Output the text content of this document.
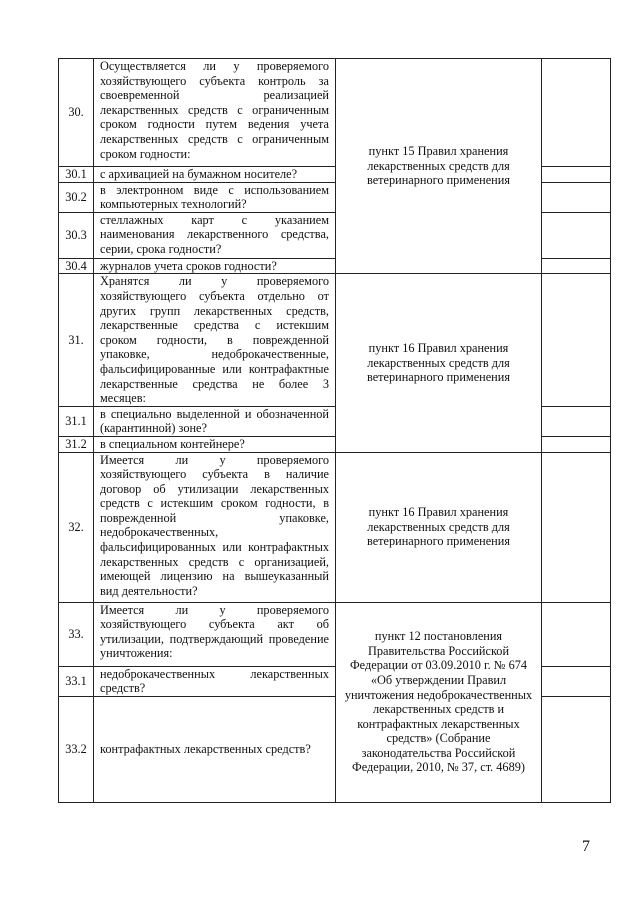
30.	Осуществляется ли у проверяемого хозяйствующего субъекта контроль за своевременной реализацией лекарственных средств с ограниченным сроком годности путем ведения учета лекарственных средств с ограниченным сроком годности:	пункт 15 Правил хранения лекарственных средств для ветеринарного применения	
30.1	с архивацией на бумажном носителе?		
30.2	в электронном виде с использованием компьютерных технологий?		
30.3	стеллажных карт с указанием наименования лекарственного средства, серии, срока годности?		
30.4	журналов учета сроков годности?		
31.	Хранятся ли у проверяемого хозяйствующего субъекта отдельно от других групп лекарственных средств, лекарственные средства с истекшим сроком годности, в поврежденной упаковке, недоброкачественные, фальсифицированные или контрафактные лекарственные средства не более 3 месяцев:	пункт 16 Правил хранения лекарственных средств для ветеринарного применения	
31.1	в специально выделенной и обозначенной (карантинной) зоне?		
31.2	в специальном контейнере?		
32.	Имеется ли у проверяемого хозяйствующего субъекта в наличие договор об утилизации лекарственных средств с истекшим сроком годности, в поврежденной упаковке, недоброкачественных, фальсифицированных или контрафактных лекарственных средств с организацией, имеющей лицензию на вышеуказанный вид деятельности?	пункт 16 Правил хранения лекарственных средств для ветеринарного применения	
33.	Имеется ли у проверяемого хозяйствующего субъекта акт об утилизации, подтверждающий проведение уничтожения:	пункт 12 постановления Правительства Российской Федерации от 03.09.2010 г. № 674 «Об утверждении Правил уничтожения недоброкачественных лекарственных средств и контрафактных лекарственных средств» (Собрание законодательства Российской Федерации, 2010, № 37, ст. 4689)	
33.1	недоброкачественных лекарственных средств?		
33.2	контрафактных лекарственных средств?		
7
